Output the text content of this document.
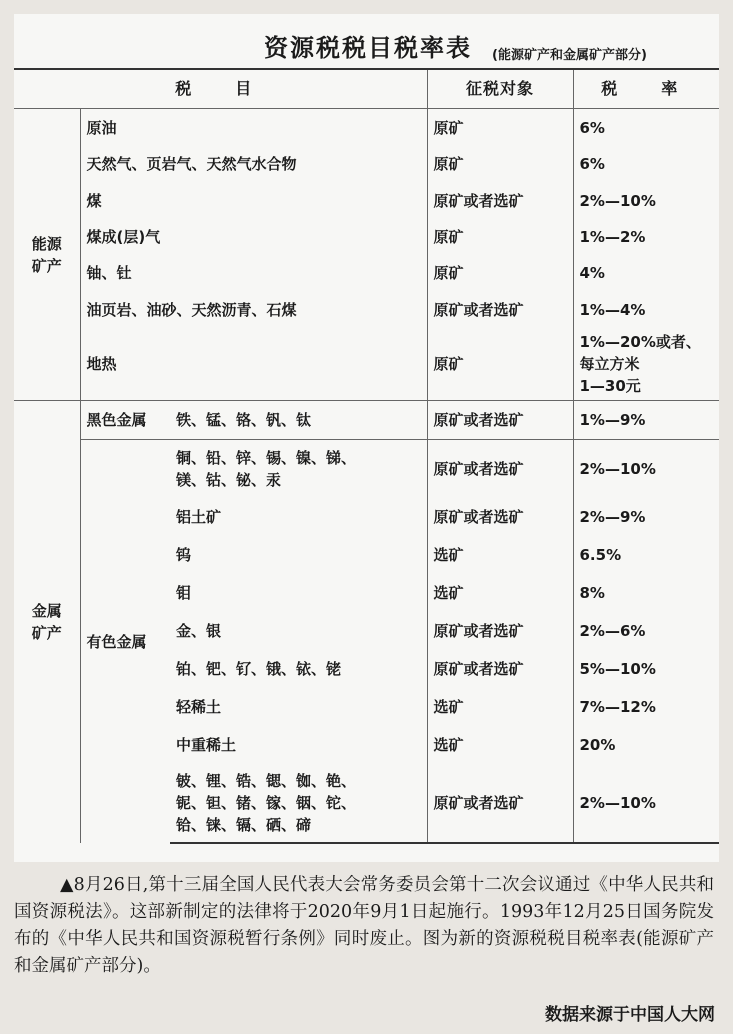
资源税税目税率表 (能源矿产和金属矿产部分)
税　目			征税对象	税　率
能源
矿产	原油		原矿	6%
	天然气、页岩气、天然气水合物		原矿	6%
	煤		原矿或者选矿	2%—10%
	煤成(层)气		原矿	1%—2%
	铀、钍		原矿	4%
	油页岩、油砂、天然沥青、石煤		原矿或者选矿	1%—4%
	地热		原矿	1%—20%或者、
每立方米
1—30元
金属
矿产	黑色金属	铁、锰、铬、钒、钛	原矿或者选矿	1%—9%
	有色金属	铜、铅、锌、锡、镍、锑、
镁、钴、铋、汞	原矿或者选矿	2%—10%
		铝土矿	原矿或者选矿	2%—9%
		钨	选矿	6.5%
		钼	选矿	8%
		金、银	原矿或者选矿	2%—6%
		铂、钯、钌、锇、铱、铑	原矿或者选矿	5%—10%
		轻稀土	选矿	7%—12%
		中重稀土	选矿	20%
		铍、锂、锆、锶、铷、铯、
铌、钽、锗、镓、铟、铊、
铪、铼、镉、硒、碲	原矿或者选矿	2%—10%
▲8月26日,第十三届全国人民代表大会常务委员会第十二次会议通过《中华人民共和国资源税法》。这部新制定的法律将于2020年9月1日起施行。1993年12月25日国务院发布的《中华人民共和国资源税暂行条例》同时废止。图为新的资源税税目税率表(能源矿产和金属矿产部分)。
数据来源于中国人大网
